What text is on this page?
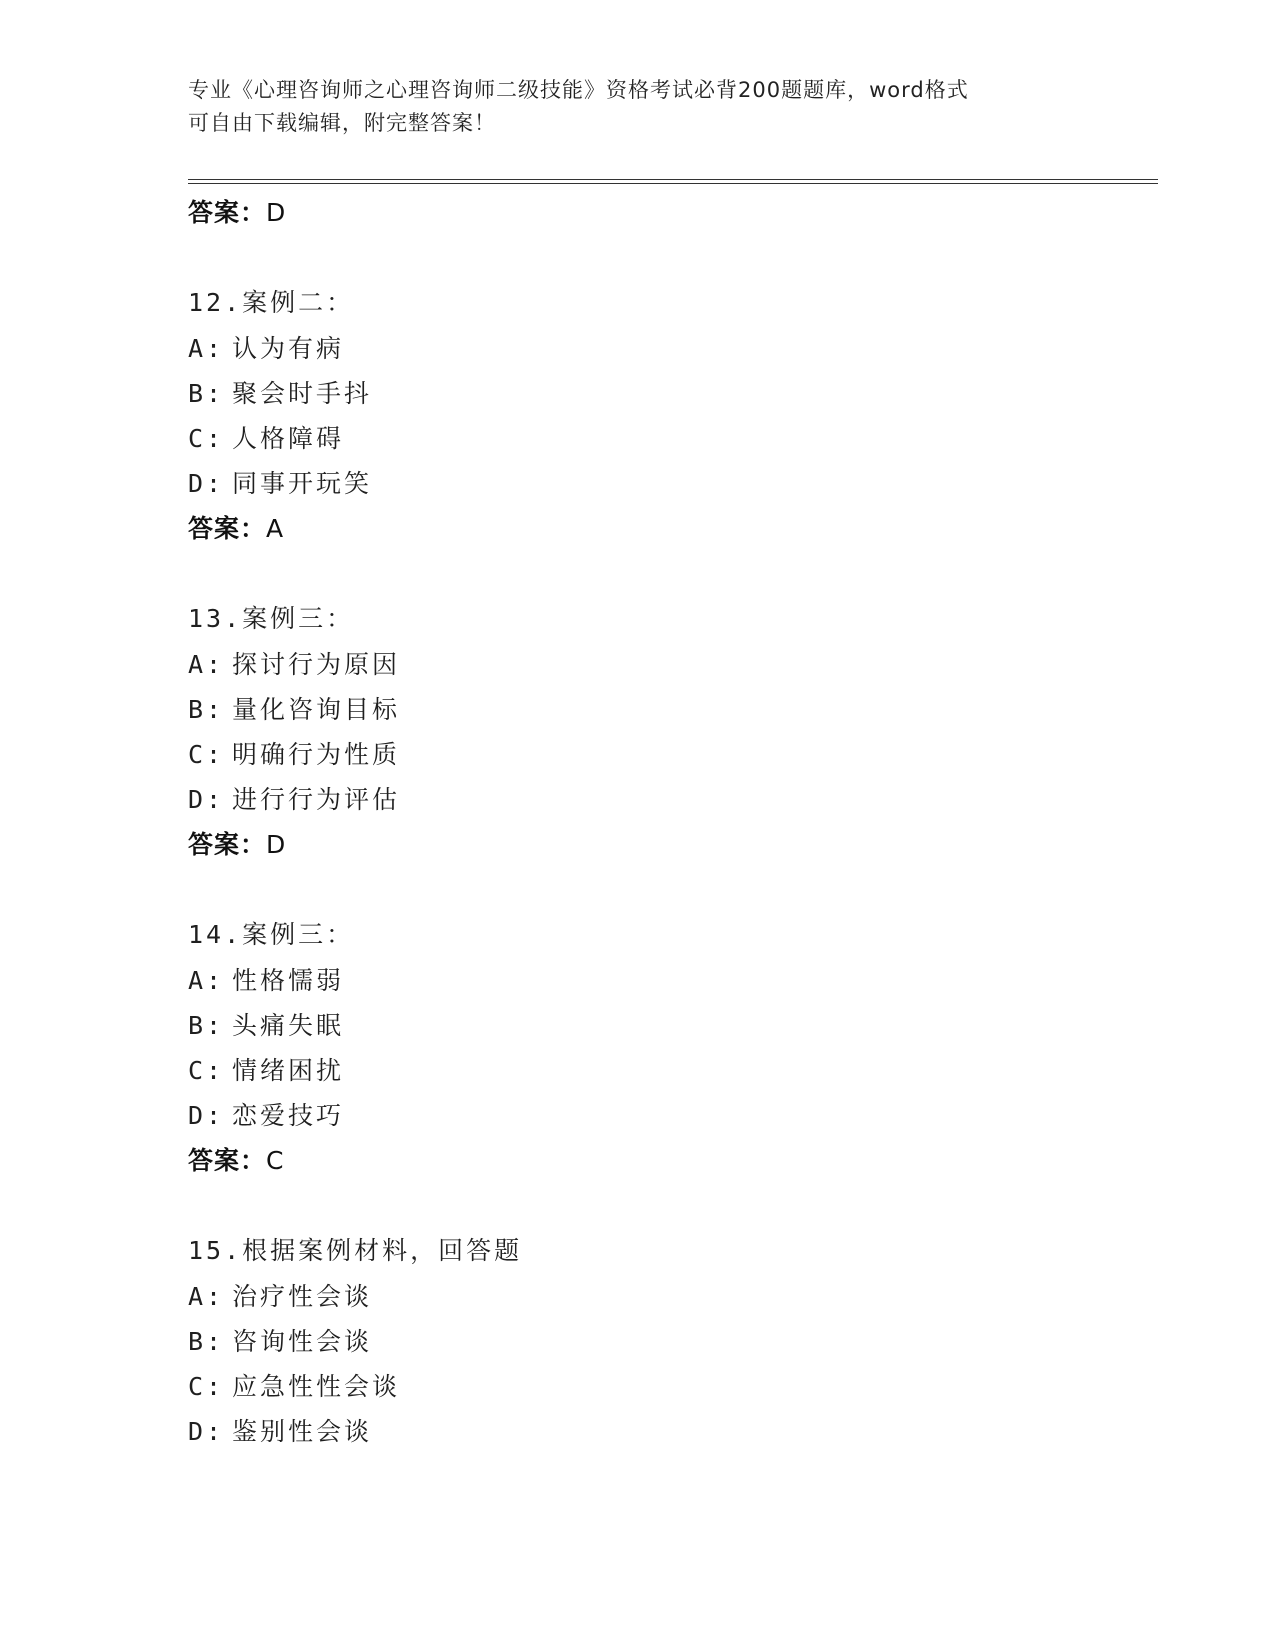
专业《心理咨询师之心理咨询师二级技能》资格考试必背200题题库，word格式
可自由下载编辑，附完整答案！
答案：D
12.案例二：
A: 认为有病
B: 聚会时手抖
C: 人格障碍
D: 同事开玩笑
答案：A
13.案例三：
A: 探讨行为原因
B: 量化咨询目标
C: 明确行为性质
D: 进行行为评估
答案：D
14.案例三：
A: 性格懦弱
B: 头痛失眠
C: 情绪困扰
D: 恋爱技巧
答案：C
15.根据案例材料，回答题
A: 治疗性会谈
B: 咨询性会谈
C: 应急性性会谈
D: 鉴别性会谈
